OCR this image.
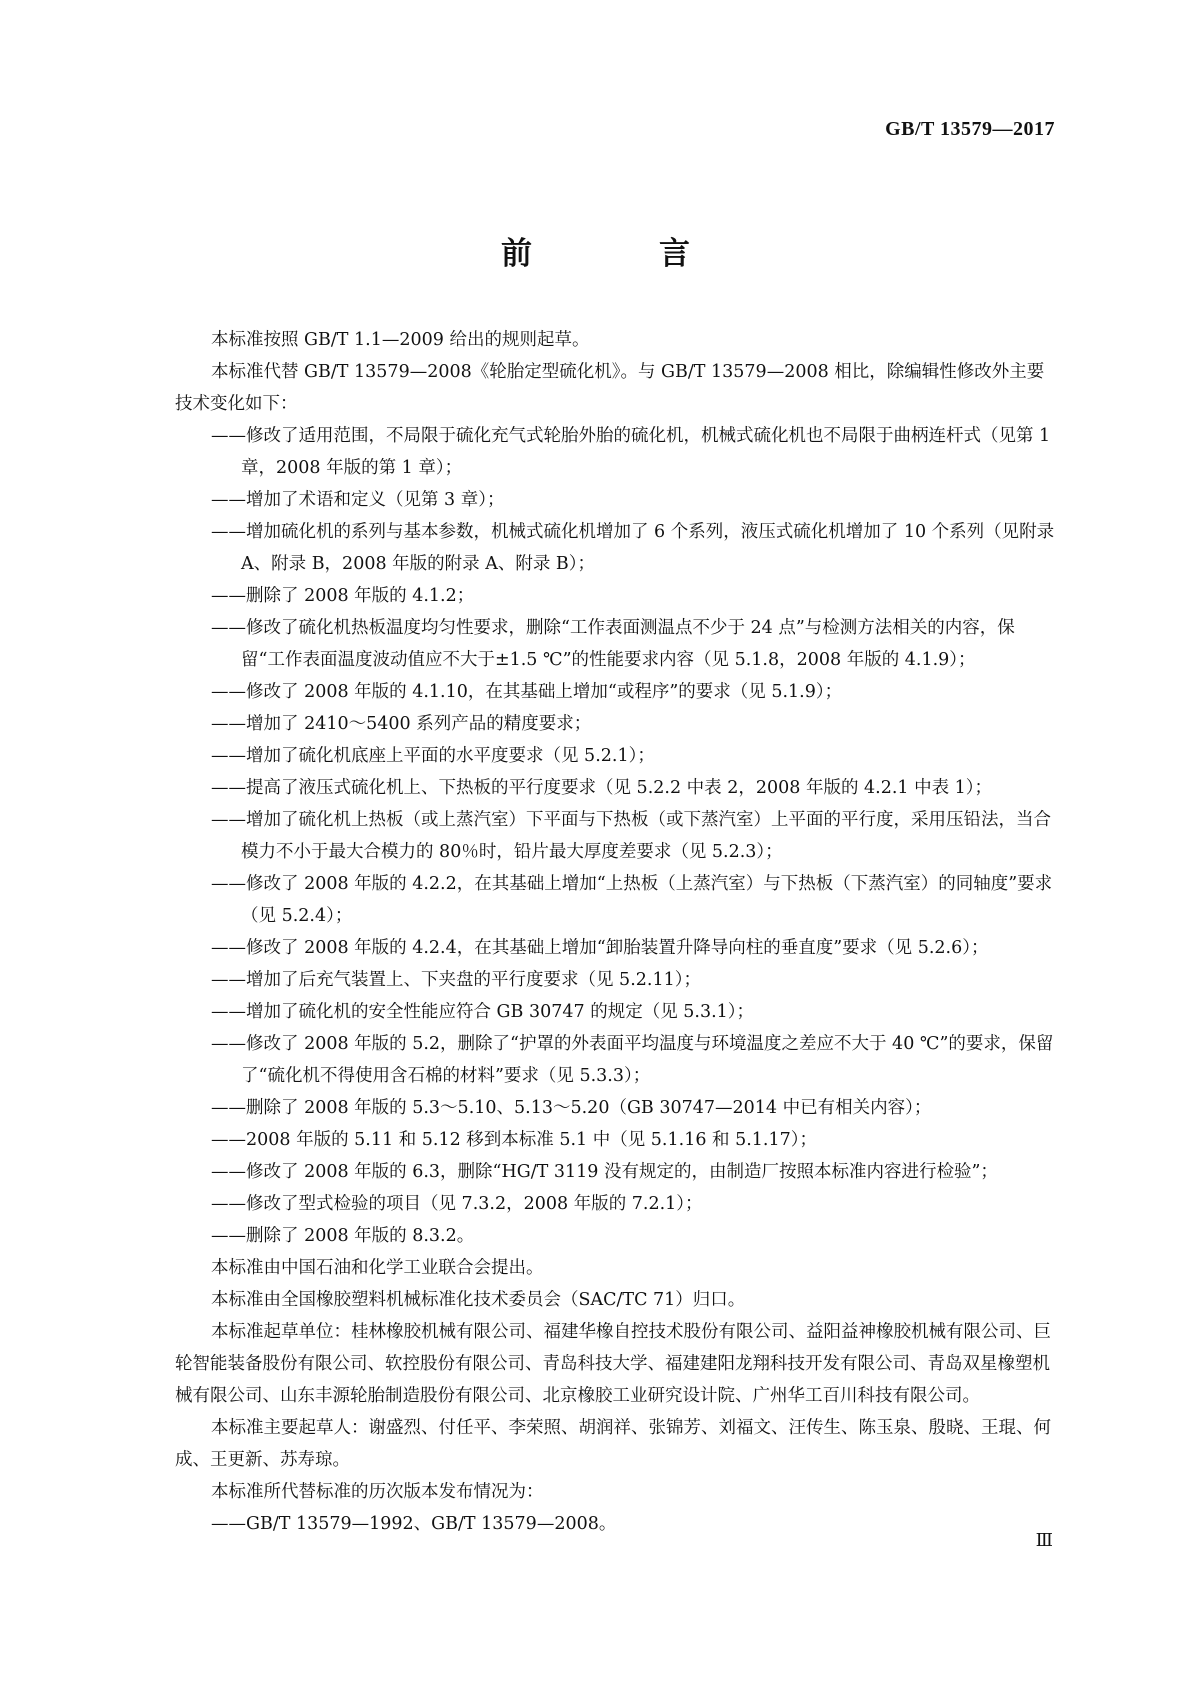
GB/T 13579—2017
前　言

本标准按照 GB/T 1.1—2009 给出的规则起草。

本标准代替 GB/T 13579—2008《轮胎定型硫化机》。与 GB/T 13579—2008 相比，除编辑性修改外主要技术变化如下：

——修改了适用范围，不局限于硫化充气式轮胎外胎的硫化机，机械式硫化机也不局限于曲柄连杆式（见第 1 章，2008 年版的第 1 章）；
——增加了术语和定义（见第 3 章）；
——增加硫化机的系列与基本参数，机械式硫化机增加了 6 个系列，液压式硫化机增加了 10 个系列（见附录 A、附录 B，2008 年版的附录 A、附录 B）；
——删除了 2008 年版的 4.1.2；
——修改了硫化机热板温度均匀性要求，删除“工作表面测温点不少于 24 点”与检测方法相关的内容，保留“工作表面温度波动值应不大于±1.5 ℃”的性能要求内容（见 5.1.8，2008 年版的 4.1.9）；
——修改了 2008 年版的 4.1.10，在其基础上增加“或程序”的要求（见 5.1.9）；
——增加了 2410～5400 系列产品的精度要求；
——增加了硫化机底座上平面的水平度要求（见 5.2.1）；
——提高了液压式硫化机上、下热板的平行度要求（见 5.2.2 中表 2，2008 年版的 4.2.1 中表 1）；
——增加了硫化机上热板（或上蒸汽室）下平面与下热板（或下蒸汽室）上平面的平行度，采用压铅法，当合模力不小于最大合模力的 80％时，铅片最大厚度差要求（见 5.2.3）；
——修改了 2008 年版的 4.2.2，在其基础上增加“上热板（上蒸汽室）与下热板（下蒸汽室）的同轴度”要求（见 5.2.4）；
——修改了 2008 年版的 4.2.4，在其基础上增加“卸胎装置升降导向柱的垂直度”要求（见 5.2.6）；
——增加了后充气装置上、下夹盘的平行度要求（见 5.2.11）；
——增加了硫化机的安全性能应符合 GB 30747 的规定（见 5.3.1）；
——修改了 2008 年版的 5.2，删除了“护罩的外表面平均温度与环境温度之差应不大于 40 ℃”的要求，保留了“硫化机不得使用含石棉的材料”要求（见 5.3.3）；
——删除了 2008 年版的 5.3～5.10、5.13～5.20（GB 30747—2014 中已有相关内容）；
——2008 年版的 5.11 和 5.12 移到本标准 5.1 中（见 5.1.16 和 5.1.17）；
——修改了 2008 年版的 6.3，删除“HG/T 3119 没有规定的，由制造厂按照本标准内容进行检验”；
——修改了型式检验的项目（见 7.3.2，2008 年版的 7.2.1）；
——删除了 2008 年版的 8.3.2。

本标准由中国石油和化学工业联合会提出。

本标准由全国橡胶塑料机械标准化技术委员会（SAC/TC 71）归口。

本标准起草单位：桂林橡胶机械有限公司、福建华橡自控技术股份有限公司、益阳益神橡胶机械有限公司、巨轮智能装备股份有限公司、软控股份有限公司、青岛科技大学、福建建阳龙翔科技开发有限公司、青岛双星橡塑机械有限公司、山东丰源轮胎制造股份有限公司、北京橡胶工业研究设计院、广州华工百川科技有限公司。

本标准主要起草人：谢盛烈、付任平、李荣照、胡润祥、张锦芳、刘福文、汪传生、陈玉泉、殷晓、王琨、何成、王更新、苏寿琼。

本标准所代替标准的历次版本发布情况为：

——GB/T 13579—1992、GB/T 13579—2008。
Ⅲ
